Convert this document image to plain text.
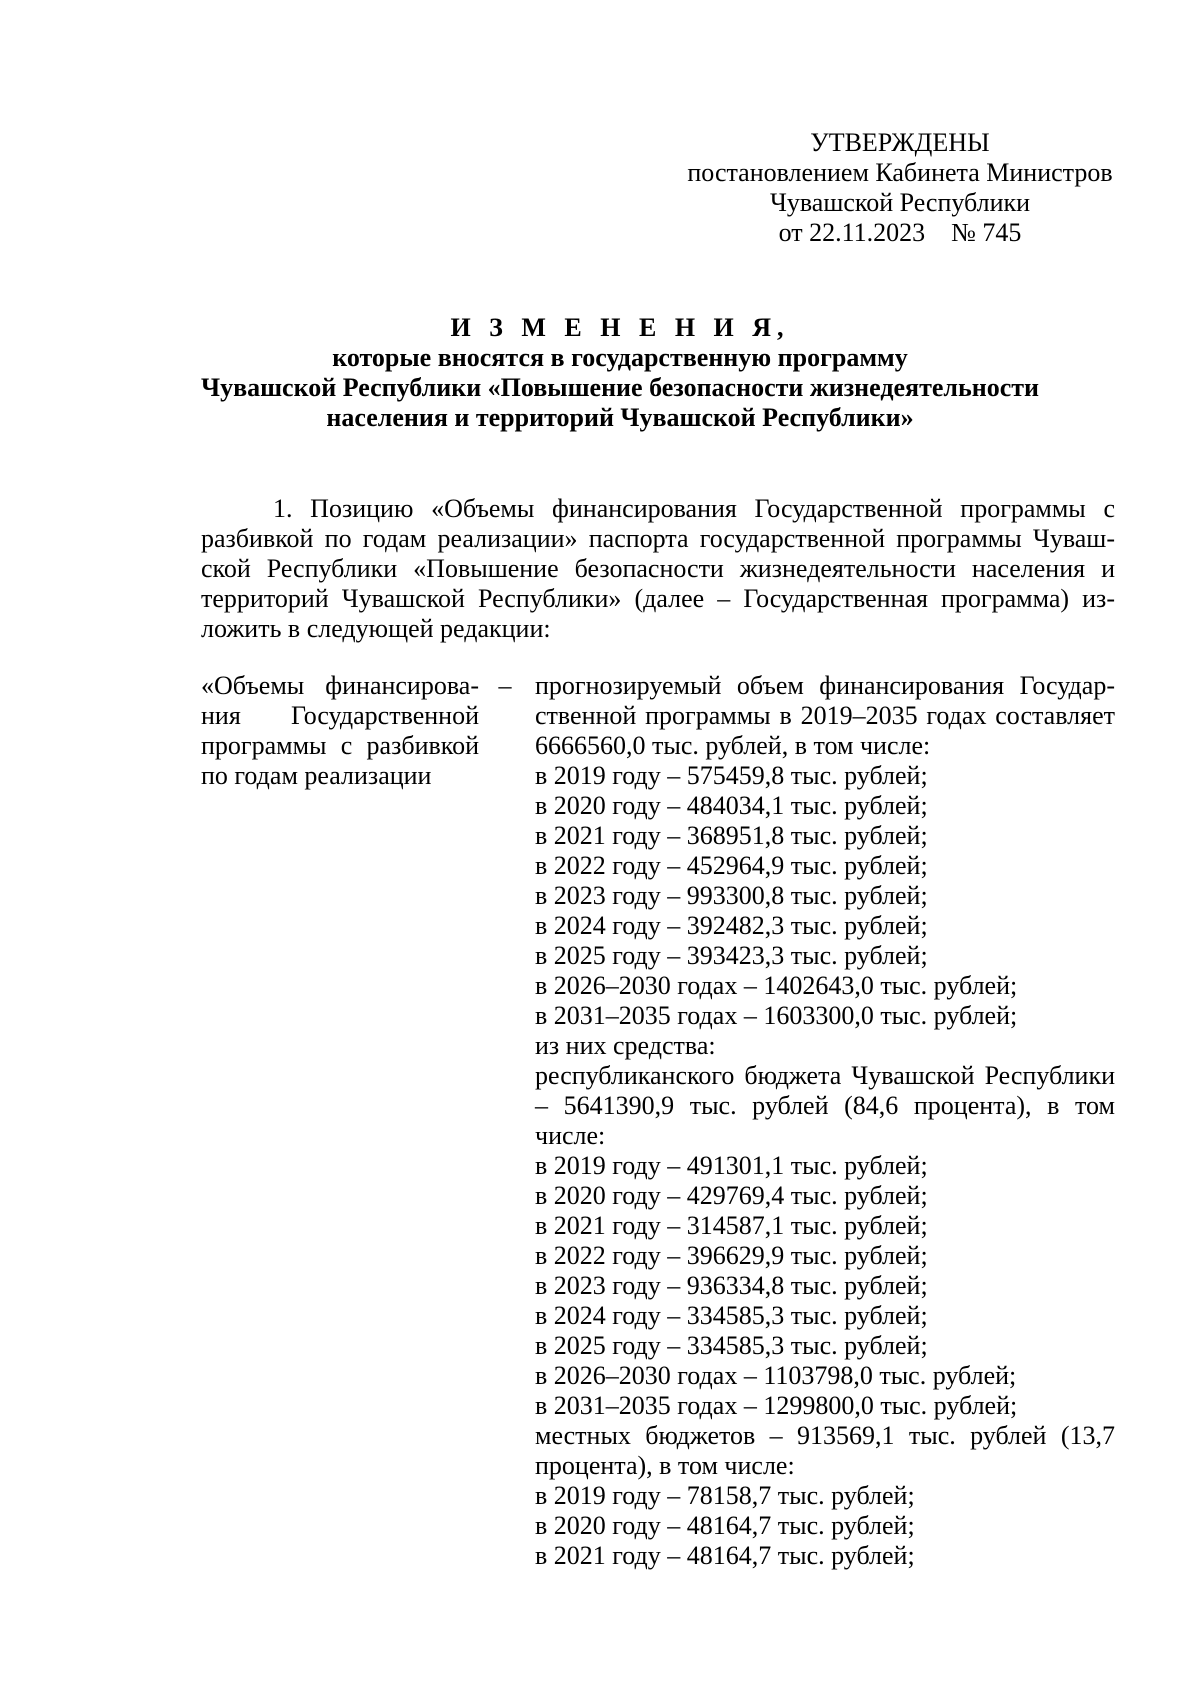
УТВЕРЖДЕНЫ
постановлением Кабинета Министров
Чувашской Республики
от 22.11.2023    № 745
И З М Е Н Е Н И Я,
которые вносятся в государственную программу
Чувашской Республики «Повышение безопасности жизнедеятельности
населения и территорий Чувашской Республики»
1. Позицию «Объемы финансирования Государственной программы с разбивкой по годам реализации» паспорта государственной программы Чувашской Республики «Повышение безопасности жизнедеятельности населения и территорий Чувашской Республики» (далее – Государственная программа) изложить в следующей редакции:
«Объемы финансирования Государственной программы с разбивкой по годам реализации
– прогнозируемый объем финансирования Государственной программы в 2019–2035 годах составляет 6666560,0 тыс. рублей, в том числе:
в 2019 году – 575459,8 тыс. рублей;
в 2020 году – 484034,1 тыс. рублей;
в 2021 году – 368951,8 тыс. рублей;
в 2022 году – 452964,9 тыс. рублей;
в 2023 году – 993300,8 тыс. рублей;
в 2024 году – 392482,3 тыс. рублей;
в 2025 году – 393423,3 тыс. рублей;
в 2026–2030 годах – 1402643,0 тыс. рублей;
в 2031–2035 годах – 1603300,0 тыс. рублей;
из них средства:
республиканского бюджета Чувашской Республики – 5641390,9 тыс. рублей (84,6 процента), в том числе:
в 2019 году – 491301,1 тыс. рублей;
в 2020 году – 429769,4 тыс. рублей;
в 2021 году – 314587,1 тыс. рублей;
в 2022 году – 396629,9 тыс. рублей;
в 2023 году – 936334,8 тыс. рублей;
в 2024 году – 334585,3 тыс. рублей;
в 2025 году – 334585,3 тыс. рублей;
в 2026–2030 годах – 1103798,0 тыс. рублей;
в 2031–2035 годах – 1299800,0 тыс. рублей;
местных бюджетов – 913569,1 тыс. рублей (13,7 процента), в том числе:
в 2019 году – 78158,7 тыс. рублей;
в 2020 году – 48164,7 тыс. рублей;
в 2021 году – 48164,7 тыс. рублей;
